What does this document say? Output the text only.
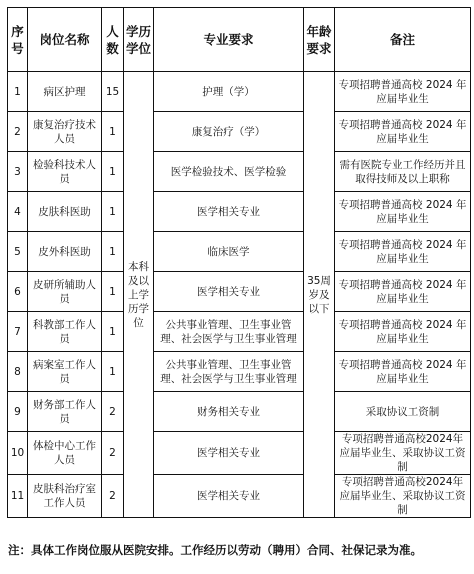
序号	岗位名称	人数	学历学位	专业要求	年龄要求	备注
1	病区护理	15	本科及以上学历学位	护理（学）	35周岁及以下	专项招聘普通高校 2024 年应届毕业生
2	康复治疗技术人员	1		康复治疗（学）		专项招聘普通高校 2024 年应届毕业生
3	检验科技术人员	1		医学检验技术、医学检验		需有医院专业工作经历并且取得技师及以上职称
4	皮肤科医助	1		医学相关专业		专项招聘普通高校 2024 年应届毕业生
5	皮外科医助	1		临床医学		专项招聘普通高校 2024 年应届毕业生
6	皮研所辅助人员	1		医学相关专业		专项招聘普通高校 2024 年应届毕业生
7	科教部工作人员	1		公共事业管理、卫生事业管理、社会医学与卫生事业管理		专项招聘普通高校 2024 年应届毕业生
8	病案室工作人员	1		公共事业管理、卫生事业管理、社会医学与卫生事业管理		专项招聘普通高校 2024 年应届毕业生
9	财务部工作人员	2		财务相关专业		采取协议工资制
10	体检中心工作人员	2		医学相关专业		专项招聘普通高校2024年应届毕业生、采取协议工资制
11	皮肤科治疗室工作人员	2		医学相关专业		专项招聘普通高校2024年应届毕业生、采取协议工资制
注：具体工作岗位服从医院安排。工作经历以劳动（聘用）合同、社保记录为准。
